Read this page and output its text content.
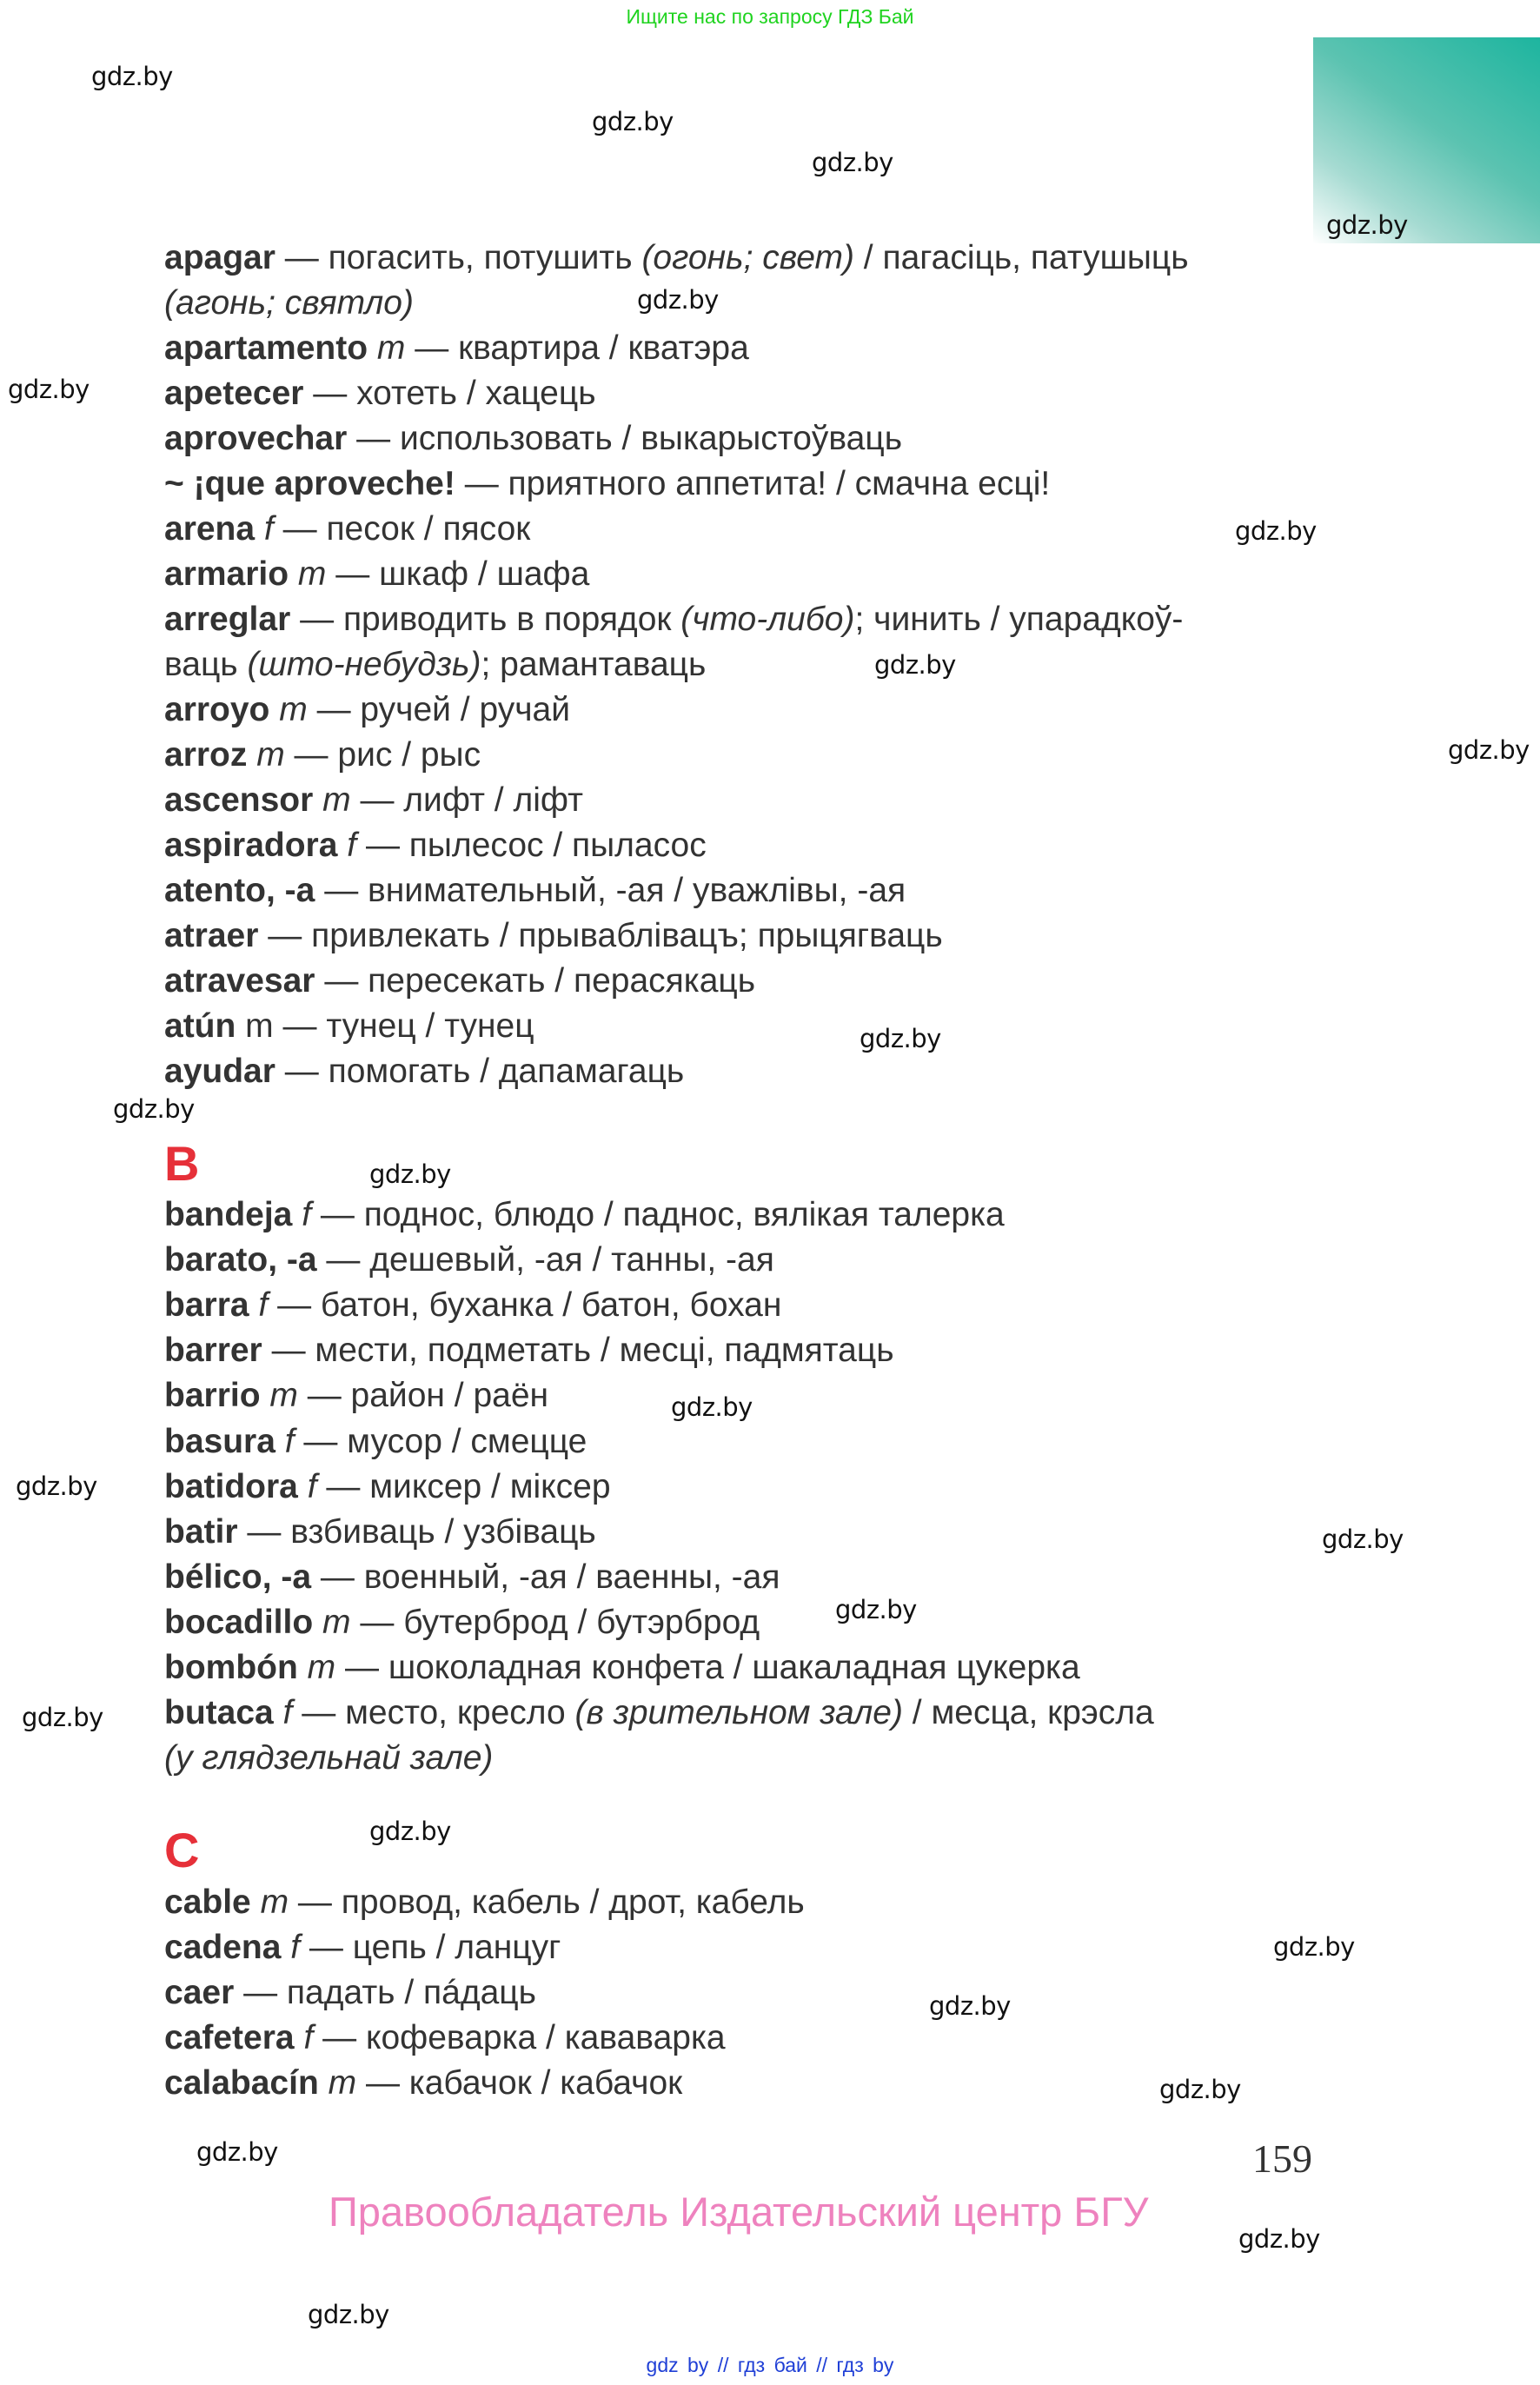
Ищите нас по запросу ГДЗ Бай
gdz.by
gdz.by
gdz.by
gdz.by
gdz.by
gdz.by
gdz.by
gdz.by
gdz.by
gdz.by
gdz.by
gdz.by
gdz.by
gdz.by
gdz.by
gdz.by
gdz.by
gdz.by
gdz.by
gdz.by
gdz.by
gdz.by
gdz.by
gdz.by
apagar — погасить, потушить (огонь; свет) / пагасіць, патушыць
(агонь; святло)
apartamento m — квартира / кватэра
apetecer — хотеть / хацець
aprovechar — использовать / выкарыстоўваць
~ ¡que aproveche! — приятного аппетита! / смачна есці!
arena f — песок / пясок
armario m — шкаф / шафа
arreglar — приводить в порядок (что-либо); чинить / упарадкоў-
ваць (што-небудзь); рамантаваць
arroyo m — ручей / ручай
arroz m — рис / рыс
ascensor m — лифт / ліфт
aspiradora f — пылесос / пыласос
atento, -a — внимательный, -ая / уважлівы, -ая
atraer — привлекать / прываблівацъ; прыцягваць
atravesar — пересекать / перасякаць
atún m — тунец / тунец
ayudar — помогать / дапамагаць
B
bandeja f — поднос, блюдо / паднос, вялікая талерка
barato, -a — дешевый, -ая / танны, -ая
barra f — батон, буханка / батон, бохан
barrer — мести, подметать / месці, падмятаць
barrio m — район / раён
basura f — мусор / смецце
batidora f — миксер / міксер
batir — взбиваць / узбіваць
bélico, -a — военный, -ая / ваенны, -ая
bocadillo m — бутерброд / бутэрброд
bombón m — шоколадная конфета / шакаладная цукерка
butaca f — место, кресло (в зрительном зале) / месца, крэсла
(у глядзельнай зале)
C
cable m — провод, кабель / дрот, кабель
cadena f — цепь / ланцуг
caer — падать / пáдаць
cafetera f — кофеварка / кававарка
calabacín m — кабачок / кабачок
159
Правообладатель Издательский центр БГУ
gdz by // гдз бай // гдз by
